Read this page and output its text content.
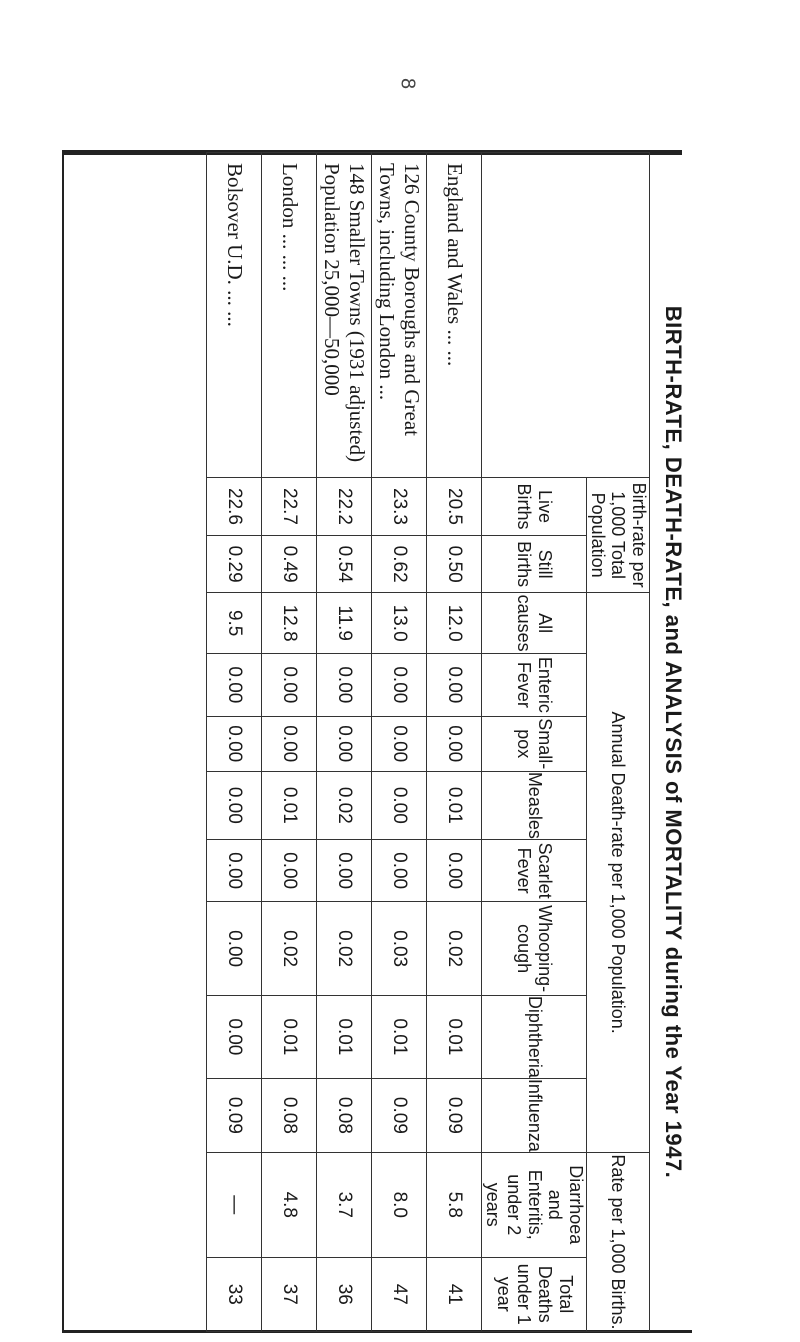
8
BIRTH-RATE, DEATH-RATE, and ANALYSIS of MORTALITY during the Year 1947.
	Birth-rate per 1,000 Total Population		Annual Death-rate per 1,000 Population.								Rate per 1,000 Births.	
	Live Births	Still Births	All causes	Enteric Fever	Small-pox	Measles	Scarlet Fever	Whooping-cough	Diphtheria	Influenza	Diarrhoea and Enteritis, under 2 years	Total Deaths under 1 year
England and Wales ... ...	20.5	0.50	12.0	0.00	0.00	0.01	0.00	0.02	0.01	0.09	5.8	41
126 County Boroughs and Great Towns, including London ...	23.3	0.62	13.0	0.00	0.00	0.00	0.00	0.03	0.01	0.09	8.0	47
148 Smaller Towns (1931 adjusted) Population 25,000—50,000	22.2	0.54	11.9	0.00	0.00	0.02	0.00	0.02	0.01	0.08	3.7	36
London ... ... ...	22.7	0.49	12.8	0.00	0.00	0.01	0.00	0.02	0.01	0.08	4.8	37
Bolsover U.D. ... ...	22.6	0.29	9.5	0.00	0.00	0.00	0.00	0.00	0.00	0.09	—	33
